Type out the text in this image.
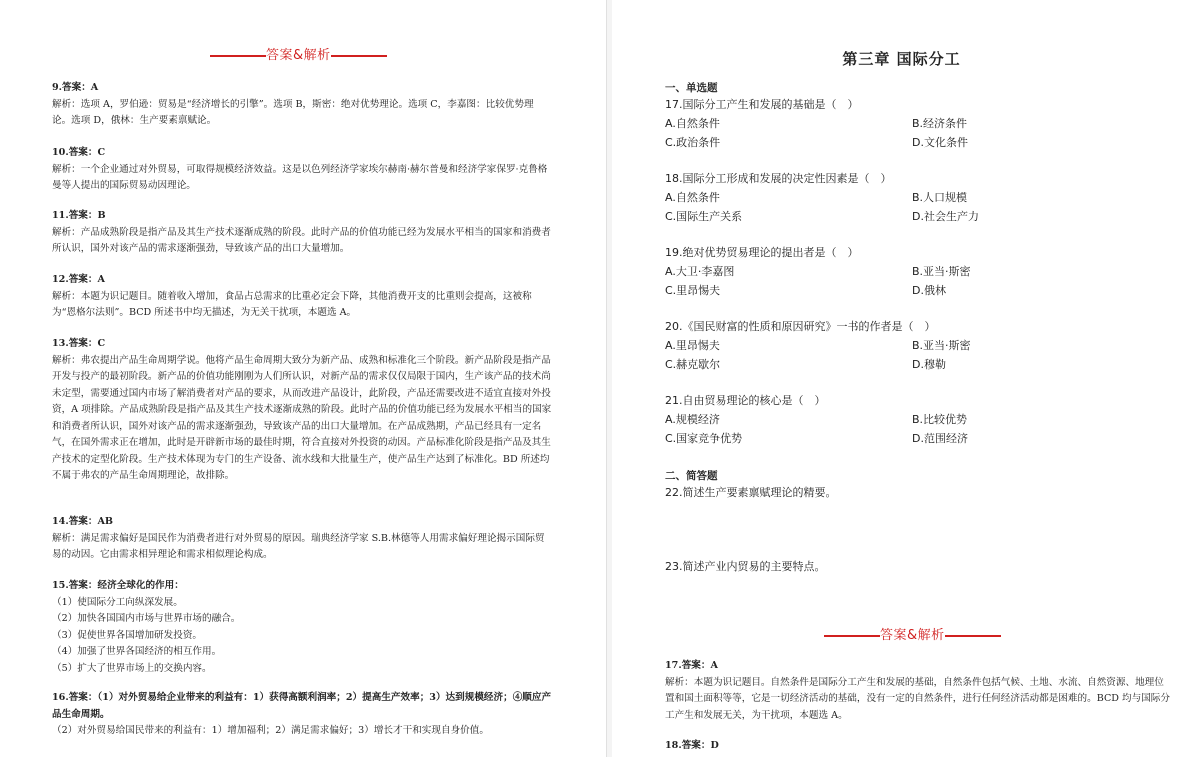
答案&解析
9.答案：A

解析：选项 A，罗伯逊：贸易是“经济增长的引擎”。选项 B，斯密：绝对优势理论。选项 C，李嘉图：比较优势理论。选项 D，俄林：生产要素禀赋论。

10.答案：C

解析：一个企业通过对外贸易，可取得规模经济效益。这是以色列经济学家埃尔赫南·赫尔普曼和经济学家保罗·克鲁格曼等人提出的国际贸易动因理论。

11.答案：B

解析：产品成熟阶段是指产品及其生产技术逐渐成熟的阶段。此时产品的价值功能已经为发展水平相当的国家和消费者所认识，国外对该产品的需求逐渐强劲，导致该产品的出口大量增加。

12.答案：A

解析：本题为识记题目。随着收入增加，食品占总需求的比重必定会下降，其他消费开支的比重则会提高，这被称为“恩格尔法则”。BCD 所述书中均无描述，为无关干扰项，本题选 A。

13.答案：C

解析：弗农提出产品生命周期学说。他将产品生命周期大致分为新产品、成熟和标准化三个阶段。新产品阶段是指产品开发与投产的最初阶段。新产品的价值功能刚刚为人们所认识，对新产品的需求仅仅局限于国内，生产该产品的技术尚未定型，需要通过国内市场了解消费者对产品的要求，从而改进产品设计，此阶段，产品还需要改进不适宜直接对外投资，A 项排除。产品成熟阶段是指产品及其生产技术逐渐成熟的阶段。此时产品的价值功能已经为发展水平相当的国家和消费者所认识，国外对该产品的需求逐渐强劲，导致该产品的出口大量增加。在产品成熟期，产品已经具有一定名气，在国外需求正在增加，此时是开辟新市场的最佳时期，符合直接对外投资的动因。产品标准化阶段是指产品及其生产技术的定型化阶段。生产技术体现为专门的生产设备、流水线和大批量生产，使产品生产达到了标准化。BD 所述均不属于弗农的产品生命周期理论，故排除。

14.答案：AB

解析：满足需求偏好是国民作为消费者进行对外贸易的原因。瑞典经济学家 S.B.林德等人用需求偏好理论揭示国际贸易的动因。它由需求相异理论和需求相似理论构成。

15.答案：经济全球化的作用：

（1）使国际分工向纵深发展。

（2）加快各国国内市场与世界市场的融合。

（3）促使世界各国增加研发投资。

（4）加强了世界各国经济的相互作用。

（5）扩大了世界市场上的交换内容。

16.答案：（1）对外贸易给企业带来的利益有：1）获得高额利润率；2）提高生产效率；3）达到规模经济；④顺应产品生命周期。

（2）对外贸易给国民带来的利益有：1）增加福利；2）满足需求偏好；3）增长才干和实现自身价值。

第三章 国际分工
一、单选题
17.国际分工产生和发展的基础是（　）
A.自然条件	B.经济条件
C.政治条件	D.文化条件
18.国际分工形成和发展的决定性因素是（　）
A.自然条件	B.人口规模
C.国际生产关系	D.社会生产力
19.绝对优势贸易理论的提出者是（　）
A.大卫·李嘉图	B.亚当·斯密
C.里昂惕夫	D.俄林
20.《国民财富的性质和原因研究》一书的作者是（　）
A.里昂惕夫	B.亚当·斯密
C.赫克歇尔	D.穆勒
21.自由贸易理论的核心是（　）
A.规模经济	B.比较优势
C.国家竞争优势	D.范围经济
二、简答题
22.简述生产要素禀赋理论的精要。
23.简述产业内贸易的主要特点。
答案&解析
17.答案：A

解析：本题为识记题目。自然条件是国际分工产生和发展的基础，自然条件包括气候、土地、水流、自然资源、地理位置和国土面积等等，它是一切经济活动的基础，没有一定的自然条件，进行任何经济活动都是困难的。BCD 均与国际分工产生和发展无关，为干扰项，本题选 A。

18.答案：D
